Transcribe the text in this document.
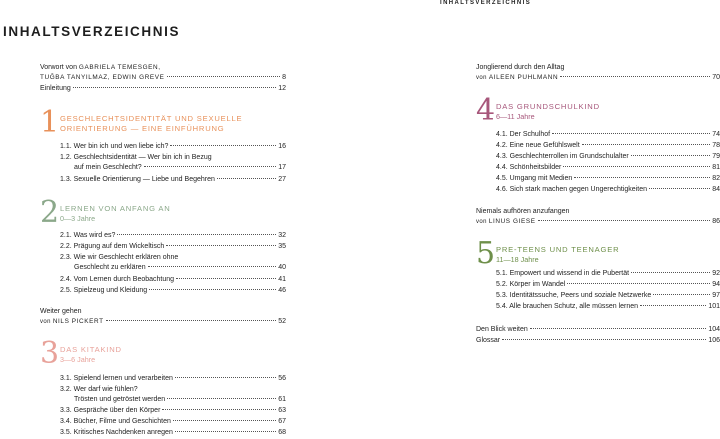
INHALTSVERZEICHNIS
INHALTSVERZEICHNIS
Vorwort von GABRIELA TEMESGEN,
TUĞBA TANYILMAZ, EDWIN GREVE	8
Einleitung	12
1 GESCHLECHTSIDENTITÄT UND SEXUELLE
ORIENTIERUNG — EINE EINFÜHRUNG
1.1. Wer bin ich und wen liebe ich?	16
1.2. Geschlechtsidentität — Wer bin ich in Bezug
auf mein Geschlecht?	17
1.3. Sexuelle Orientierung — Liebe und Begehren	27
2 LERNEN VON ANFANG AN
0—3 Jahre
2.1. Was wird es?	32
2.2. Prägung auf dem Wickeltisch	35
2.3. Wie wir Geschlecht erklären ohne
Geschlecht zu erklären	40
2.4. Vom Lernen durch Beobachtung	41
2.5. Spielzeug und Kleidung	46
Weiter gehen
von NILS PICKERT	52
3 DAS KITAKIND
3—6 Jahre
3.1. Spielend lernen und verarbeiten	56
3.2. Wer darf wie fühlen?
Trösten und getröstet werden	61
3.3. Gespräche über den Körper	63
3.4. Bücher, Filme und Geschichten	67
3.5. Kritisches Nachdenken anregen	68
Jonglierend durch den Alltag
von AILEEN PUHLMANN	70
4 DAS GRUNDSCHULKIND
6—11 Jahre
4.1. Der Schulhof	74
4.2. Eine neue Gefühlswelt	78
4.3. Geschlechterrollen im Grundschulalter	79
4.4. Schönheitsbilder	81
4.5. Umgang mit Medien	82
4.6. Sich stark machen gegen Ungerechtigkeiten	84
Niemals aufhören anzufangen
von LINUS GIESE	86
5 PRE-TEENS UND TEENAGER
11—18 Jahre
5.1. Empowert und wissend in die Pubertät	92
5.2. Körper im Wandel	94
5.3. Identitätssuche, Peers und soziale Netzwerke	97
5.4. Alle brauchen Schutz, alle müssen lernen	101
Den Blick weiten	104
Glossar	106
